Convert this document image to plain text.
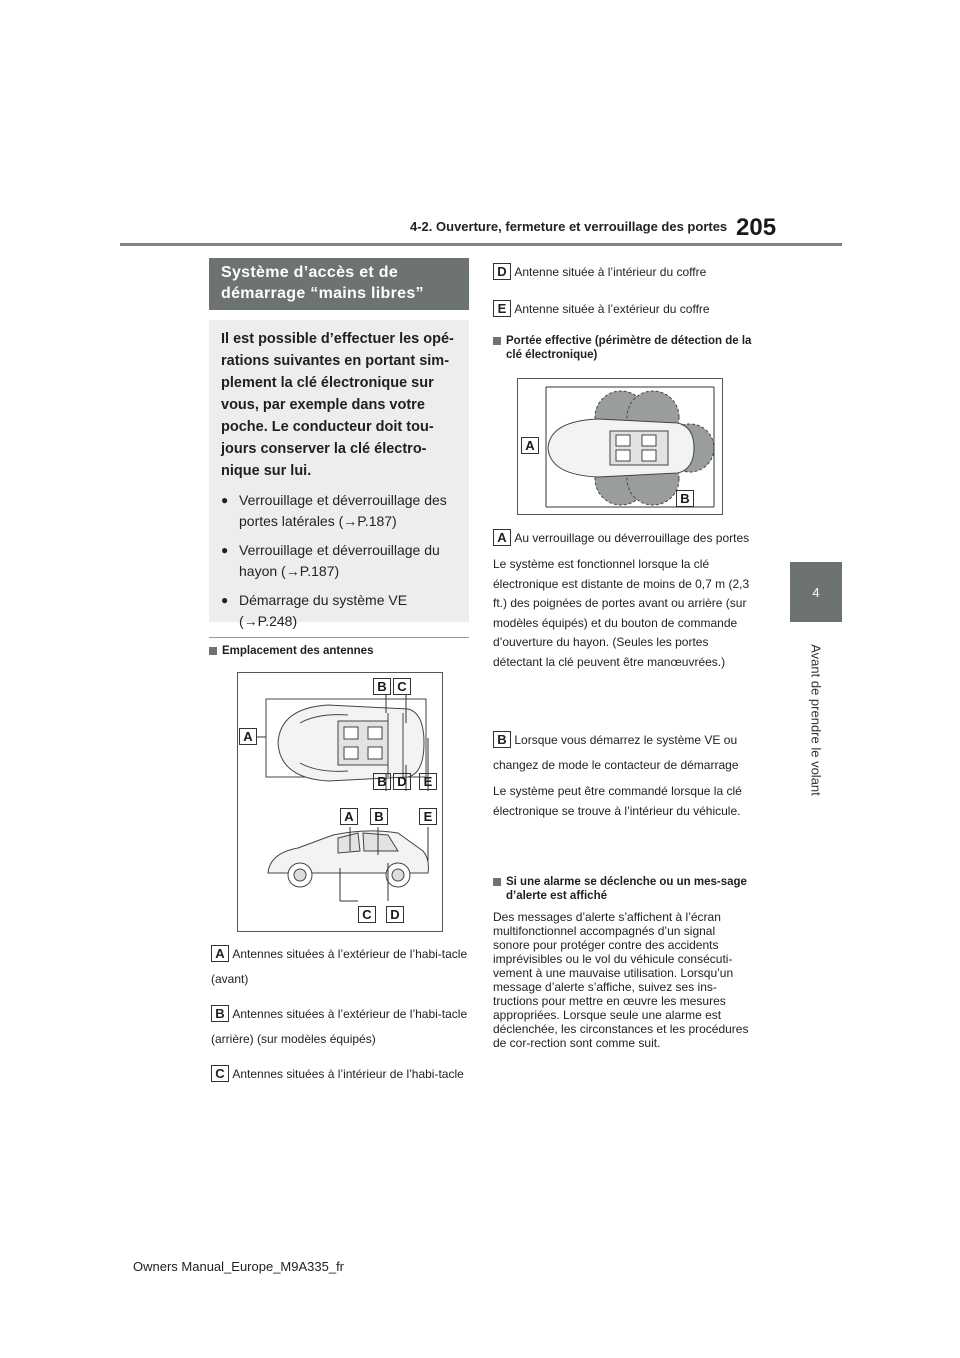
205
4-2. Ouverture, fermeture et verrouillage des portes
4
Avant de prendre le volant
Système d’accès et de démarrage “mains libres”
Il est possible d’effectuer les opé-rations suivantes en portant sim-plement la clé électronique sur vous, par exemple dans votre poche. Le conducteur doit tou-jours conserver la clé électro-nique sur lui.
● Verrouillage et déverrouillage des portes latérales (→P.187)
● Verrouillage et déverrouillage du hayon (→P.187)
● Démarrage du système VE (→P.248)
Emplacement des antennes
A
B C
B D	E
A	B	E
C	D
A Antennes situées à l’extérieur de l’habi-tacle (avant)
B Antennes situées à l’extérieur de l’habi-tacle (arrière) (sur modèles équipés)
C Antennes situées à l’intérieur de l’habi-tacle
D Antenne située à l’intérieur du coffre
E Antenne située à l’extérieur du coffre
Portée effective (périmètre de détection de la clé électronique)
A
B
A Au verrouillage ou déverrouillage des portes
Le système est fonctionnel lorsque la clé électronique est distante de moins de 0,7 m (2,3 ft.) des poignées de portes avant ou arrière (sur modèles équipés) et du bouton de commande d’ouverture du hayon. (Seules les portes détectant la clé peuvent être manœuvrées.)
B Lorsque vous démarrez le système VE ou changez de mode le contacteur de démarrage
Le système peut être commandé lorsque la clé électronique se trouve à l’intérieur du véhicule.
Si une alarme se déclenche ou un mes-sage d’alerte est affiché
Des messages d’alerte s’affichent à l’écran multifonctionnel accompagnés d’un signal sonore pour protéger contre des accidents imprévisibles ou le vol du véhicule consécuti-vement à une mauvaise utilisation. Lorsqu’un message d’alerte s’affiche, suivez ses ins-tructions pour mettre en œuvre les mesures appropriées. Lorsque seule une alarme est déclenchée, les circonstances et les procédures de cor-rection sont comme suit.
Owners Manual_Europe_M9A335_fr
